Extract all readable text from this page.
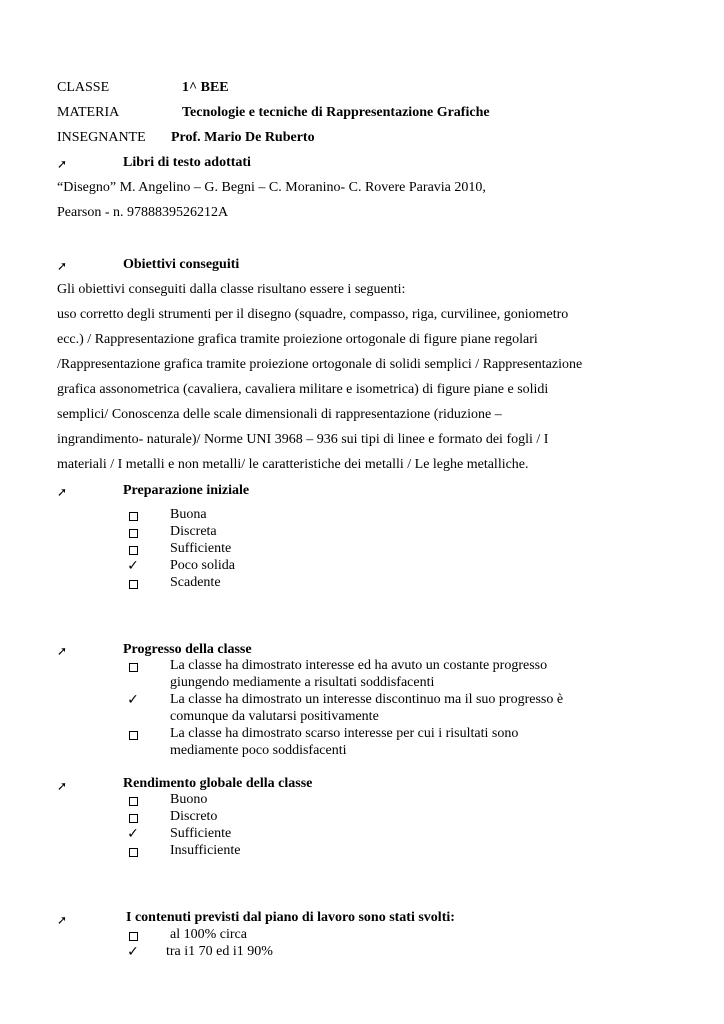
CLASSE	1^ BEE
MATERIA	Tecnologie e tecniche di Rappresentazione Grafiche
INSEGNANTE Prof. Mario De Ruberto
➚	Libri di testo adottati
“Disegno” M. Angelino – G. Begni – C. Moranino- C. Rovere Paravia 2010,
Pearson - n. 9788839526212A
➚	Obiettivi conseguiti
Gli obiettivi conseguiti dalla classe risultano essere i seguenti:
uso corretto degli strumenti per il disegno (squadre, compasso, riga, curvilinee, goniometro
ecc.) / Rappresentazione grafica tramite proiezione ortogonale di figure piane regolari
/Rappresentazione grafica tramite proiezione ortogonale di solidi semplici / Rappresentazione
grafica assonometrica (cavaliera, cavaliera militare e isometrica) di figure piane e solidi
semplici/ Conoscenza delle scale dimensionali di rappresentazione (riduzione –
ingrandimento- naturale)/ Norme UNI 3968 – 936 sui tipi di linee e formato dei fogli / I
materiali / I metalli e non metalli/ le caratteristiche dei metalli / Le leghe metalliche.
➚	Preparazione iniziale
Buona
Discreta
Sufficiente
✓ Poco solida
Scadente
➚	Progresso della classe
La classe ha dimostrato interesse ed ha avuto un costante progresso
giungendo mediamente a risultati soddisfacenti
✓ La classe ha dimostrato un interesse discontinuo ma il suo progresso è
comunque da valutarsi positivamente
La classe ha dimostrato scarso interesse per cui i risultati sono
mediamente poco soddisfacenti
➚	Rendimento globale della classe
Buono
Discreto
✓ Sufficiente
Insufficiente
➚	I contenuti previsti dal piano di lavoro sono stati svolti:
al 100% circa
✓ tra i1 70 ed i1 90%
